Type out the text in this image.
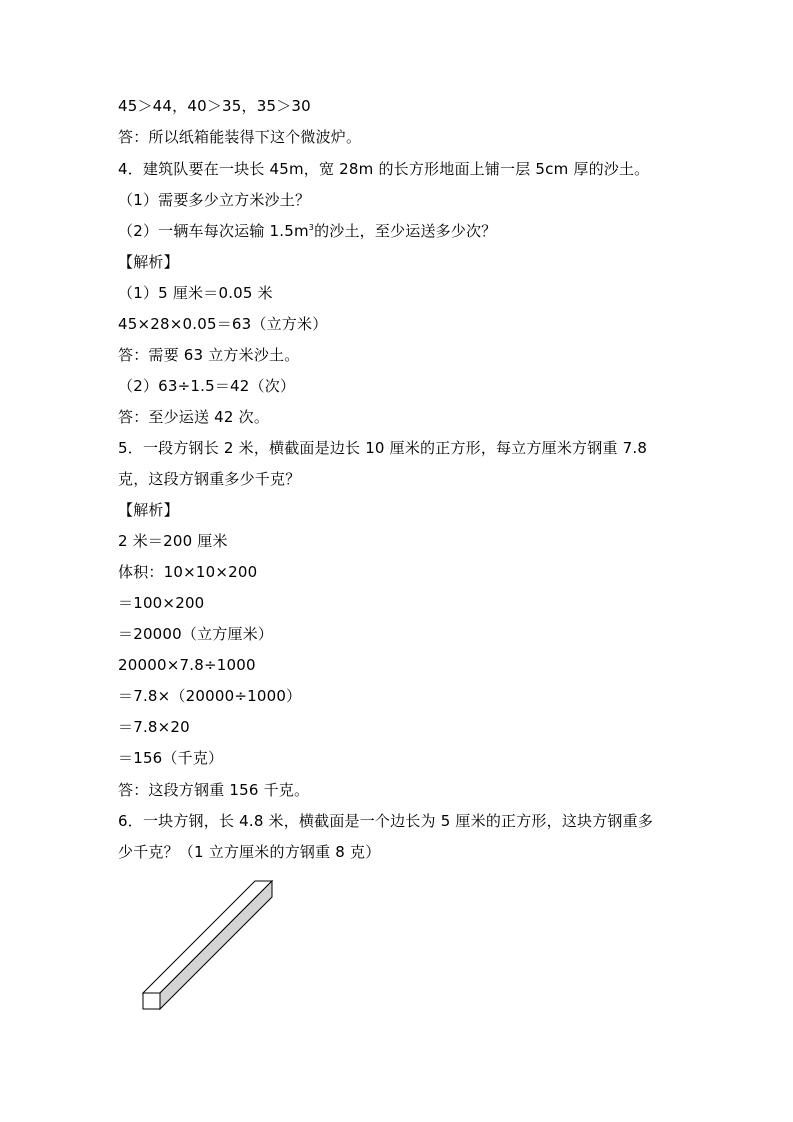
45＞44，40＞35，35＞30
答：所以纸箱能装得下这个微波炉。
4．建筑队要在一块长 45m，宽 28m 的长方形地面上铺一层 5cm 厚的沙土。
（1）需要多少立方米沙土？
（2）一辆车每次运输 $1.5m^3$的沙土，至少运送多少次？
【解析】
（1）5 厘米＝0.05 米
45×28×0.05＝63（立方米）
答：需要 63 立方米沙土。
（2）63÷1.5＝42（次）
答：至少运送 42 次。
5．一段方钢长 2 米，横截面是边长 10 厘米的正方形，每立方厘米方钢重 7.8
克，这段方钢重多少千克？
【解析】
2 米＝200 厘米
体积：10×10×200
＝100×200
＝20000（立方厘米）
20000×7.8÷1000
＝7.8×（20000÷1000）
＝7.8×20
＝156（千克）
答：这段方钢重 156 千克。
6．一块方钢，长 4.8 米，横截面是一个边长为 5 厘米的正方形，这块方钢重多
少千克？（1 立方厘米的方钢重 8 克）
